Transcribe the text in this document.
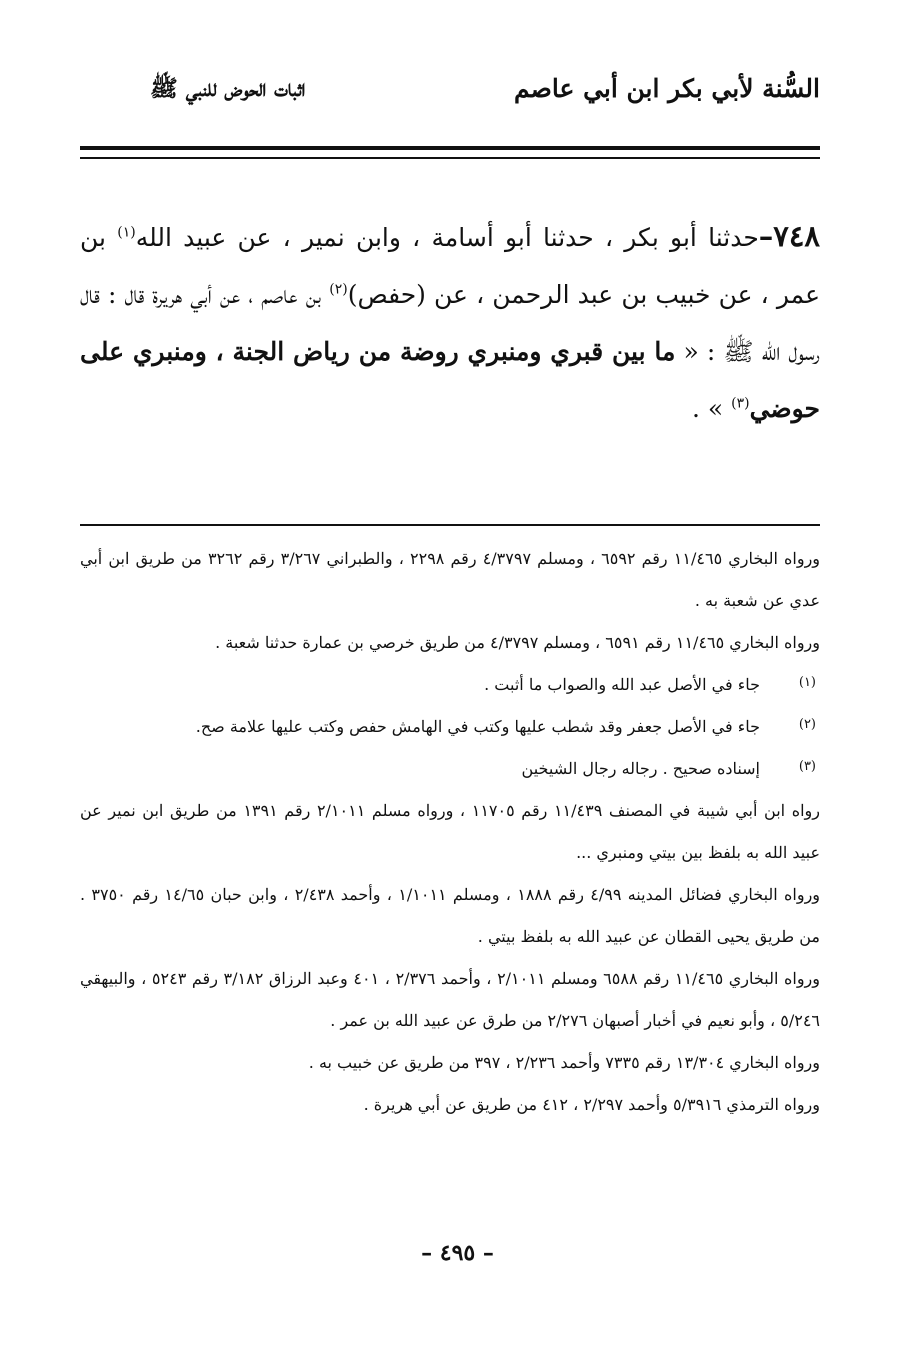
السُّنة لأبي بكر ابن أبي عاصم
اثبات الحوض للنبي ﷺ

٧٤٨–حدثنا أبو بكر ، حدثنا أبو أسامة ، وابن نمير ، عن عبيد الله$^{(١)}$ بن عمر ، عن خبيب بن عبد الرحمن ، عن (حفص)$^{(٢)}$ بن عاصم ، عن أبي هريرة قال : قال رسول الله ﷺ : « ما بين قبري ومنبري روضة من رياض الجنة ، ومنبري على حوضي$^{(٣)}$ » .

ورواه البخاري ١١/٤٦٥ رقم ٦٥٩٢ ، ومسلم ٤/٣٧٩٧ رقم ٢٢٩٨ ، والطبراني ٣/٢٦٧ رقم ٣٢٦٢ من طريق ابن أبي عدي عن شعبة به .

ورواه البخاري ١١/٤٦٥ رقم ٦٥٩١ ، ومسلم ٤/٣٧٩٧ من طريق خرصي بن عمارة حدثنا شعبة .

(١)
جاء في الأصل عبد الله والصواب ما أثبت .

(٢)
جاء في الأصل جعفر وقد شطب عليها وكتب في الهامش حفص وكتب عليها علامة صح.

(٣)
إسناده صحيح . رجاله رجال الشيخين

رواه ابن أبي شيبة في المصنف ١١/٤٣٩ رقم ١١٧٠٥ ، ورواه مسلم ٢/١٠١١ رقم ١٣٩١ من طريق ابن نمير عن عبيد الله به بلفظ بين بيتي ومنبري ...

ورواه البخاري فضائل المدينه ٤/٩٩ رقم ١٨٨٨ ، ومسلم ١/١٠١١ ، وأحمد ٢/٤٣٨ ، وابن حبان ١٤/٦٥ رقم ٣٧٥٠ . من طريق يحيى القطان عن عبيد الله به بلفظ بيتي .

ورواه البخاري ١١/٤٦٥ رقم ٦٥٨٨ ومسلم ٢/١٠١١ ، وأحمد ٢/٣٧٦ ، ٤٠١ وعبد الرزاق ٣/١٨٢ رقم ٥٢٤٣ ، والبيهقي ٥/٢٤٦ ، وأبو نعيم في أخبار أصبهان ٢/٢٧٦ من طرق عن عبيد الله بن عمر .

ورواه البخاري ١٣/٣٠٤ رقم ٧٣٣٥ وأحمد ٢/٢٣٦ ، ٣٩٧ من طريق عن خبيب به .

ورواه الترمذي ٥/٣٩١٦ وأحمد ٢/٢٩٧ ، ٤١٢ من طريق عن أبي هريرة .

– ٤٩٥ –
